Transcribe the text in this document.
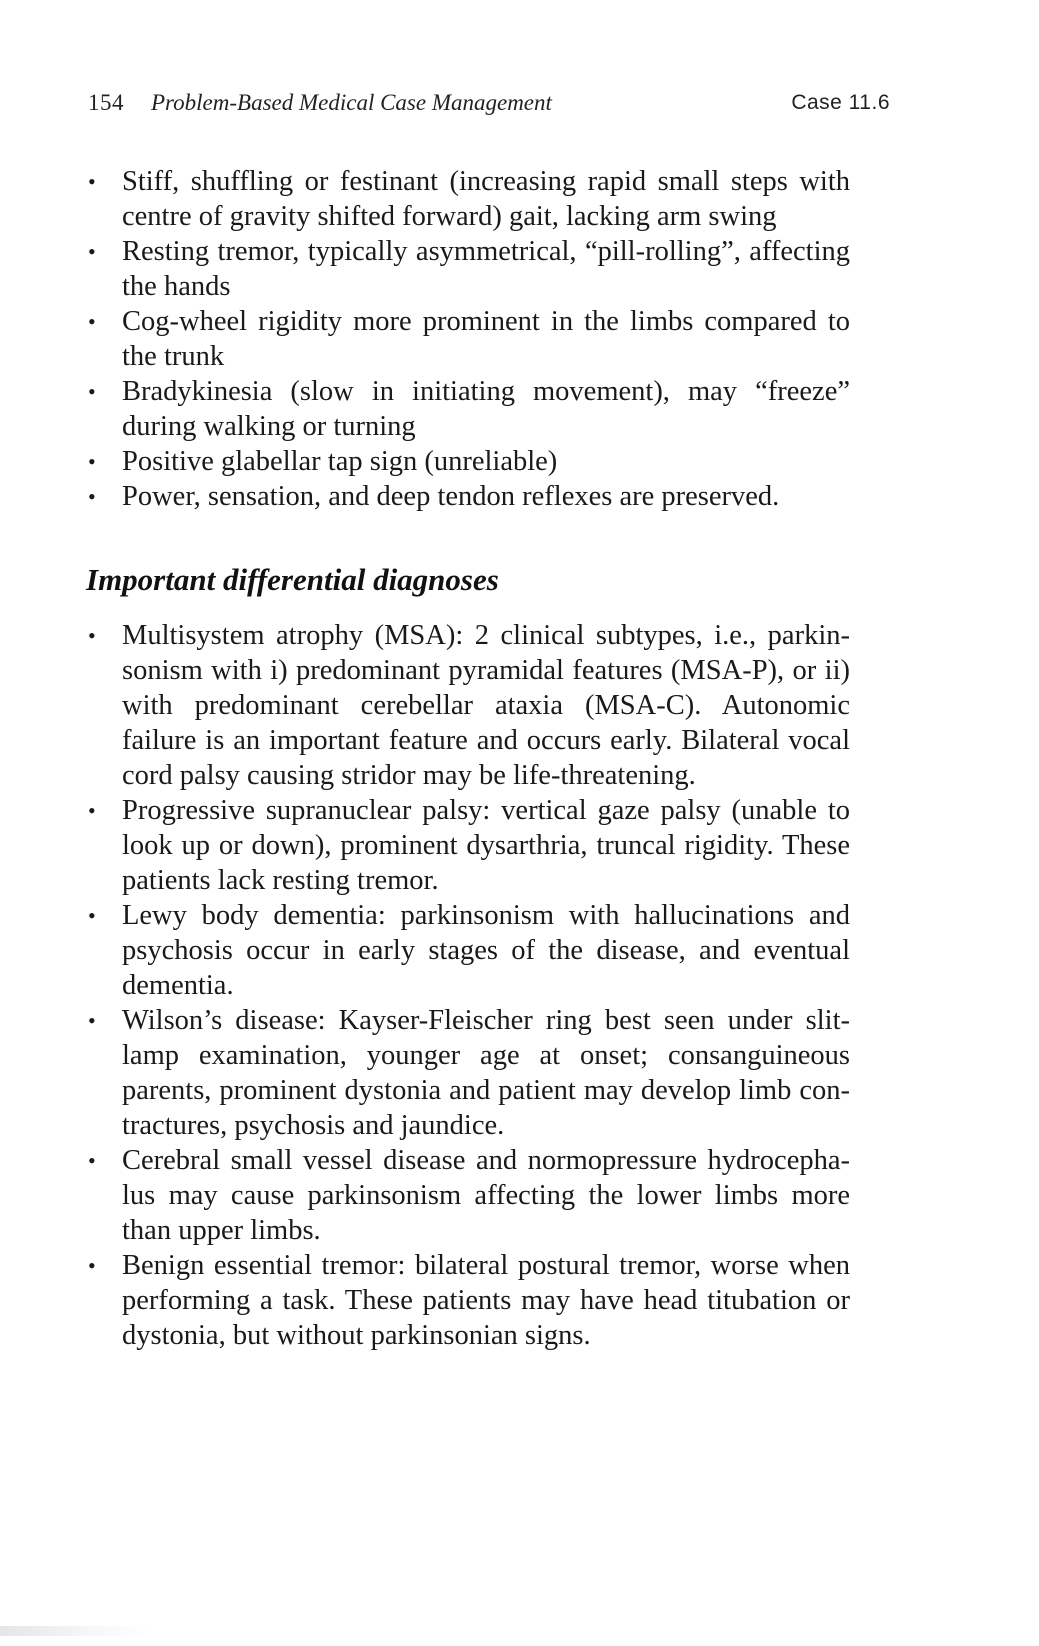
154 Problem-Based Medical Case Management	Case 11.6
• Stiff, shuffling or festinant (increasing rapid small steps with centre of gravity shifted forward) gait, lacking arm swing
• Resting tremor, typically asymmetrical, “pill-rolling”, affecting the hands
• Cog-wheel rigidity more prominent in the limbs compared to the trunk
• Bradykinesia (slow in initiating movement), may “freeze” during walking or turning
• Positive glabellar tap sign (unreliable)
• Power, sensation, and deep tendon reflexes are preserved.
Important differential diagnoses
• Multisystem atrophy (MSA): 2 clinical subtypes, i.e., parkinsonism with i) predominant pyramidal features (MSA-P), or ii) with predominant cerebellar ataxia (MSA-C). Autonomic failure is an important feature and occurs early. Bilateral vocal cord palsy causing stridor may be life-threatening.
• Progressive supranuclear palsy: vertical gaze palsy (unable to look up or down), prominent dysarthria, truncal rigidity. These patients lack resting tremor.
• Lewy body dementia: parkinsonism with hallucinations and psychosis occur in early stages of the disease, and eventual dementia.
• Wilson’s disease: Kayser-Fleischer ring best seen under slitlamp examination, younger age at onset; consanguineous parents, prominent dystonia and patient may develop limb contractures, psychosis and jaundice.
• Cerebral small vessel disease and normopressure hydrocephalus may cause parkinsonism affecting the lower limbs more than upper limbs.
• Benign essential tremor: bilateral postural tremor, worse when performing a task. These patients may have head titubation or dystonia, but without parkinsonian signs.
